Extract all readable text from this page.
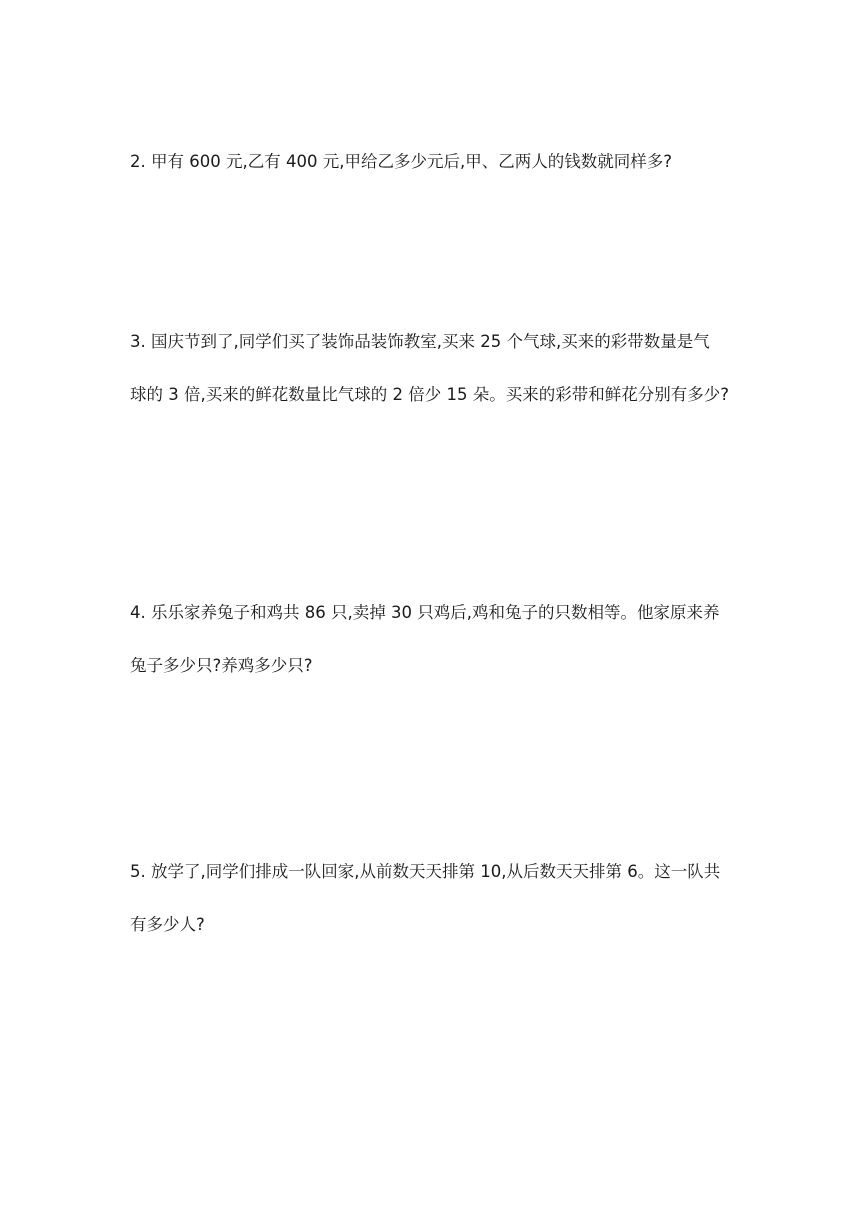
2. 甲有 600 元,乙有 400 元,甲给乙多少元后,甲、乙两人的钱数就同样多?
3. 国庆节到了,同学们买了装饰品装饰教室,买来 25 个气球,买来的彩带数量是气
球的 3 倍,买来的鲜花数量比气球的 2 倍少 15 朵。买来的彩带和鲜花分别有多少?
4. 乐乐家养兔子和鸡共 86 只,卖掉 30 只鸡后,鸡和兔子的只数相等。他家原来养
兔子多少只?养鸡多少只?
5. 放学了,同学们排成一队回家,从前数天天排第 10,从后数天天排第 6。这一队共
有多少人?
